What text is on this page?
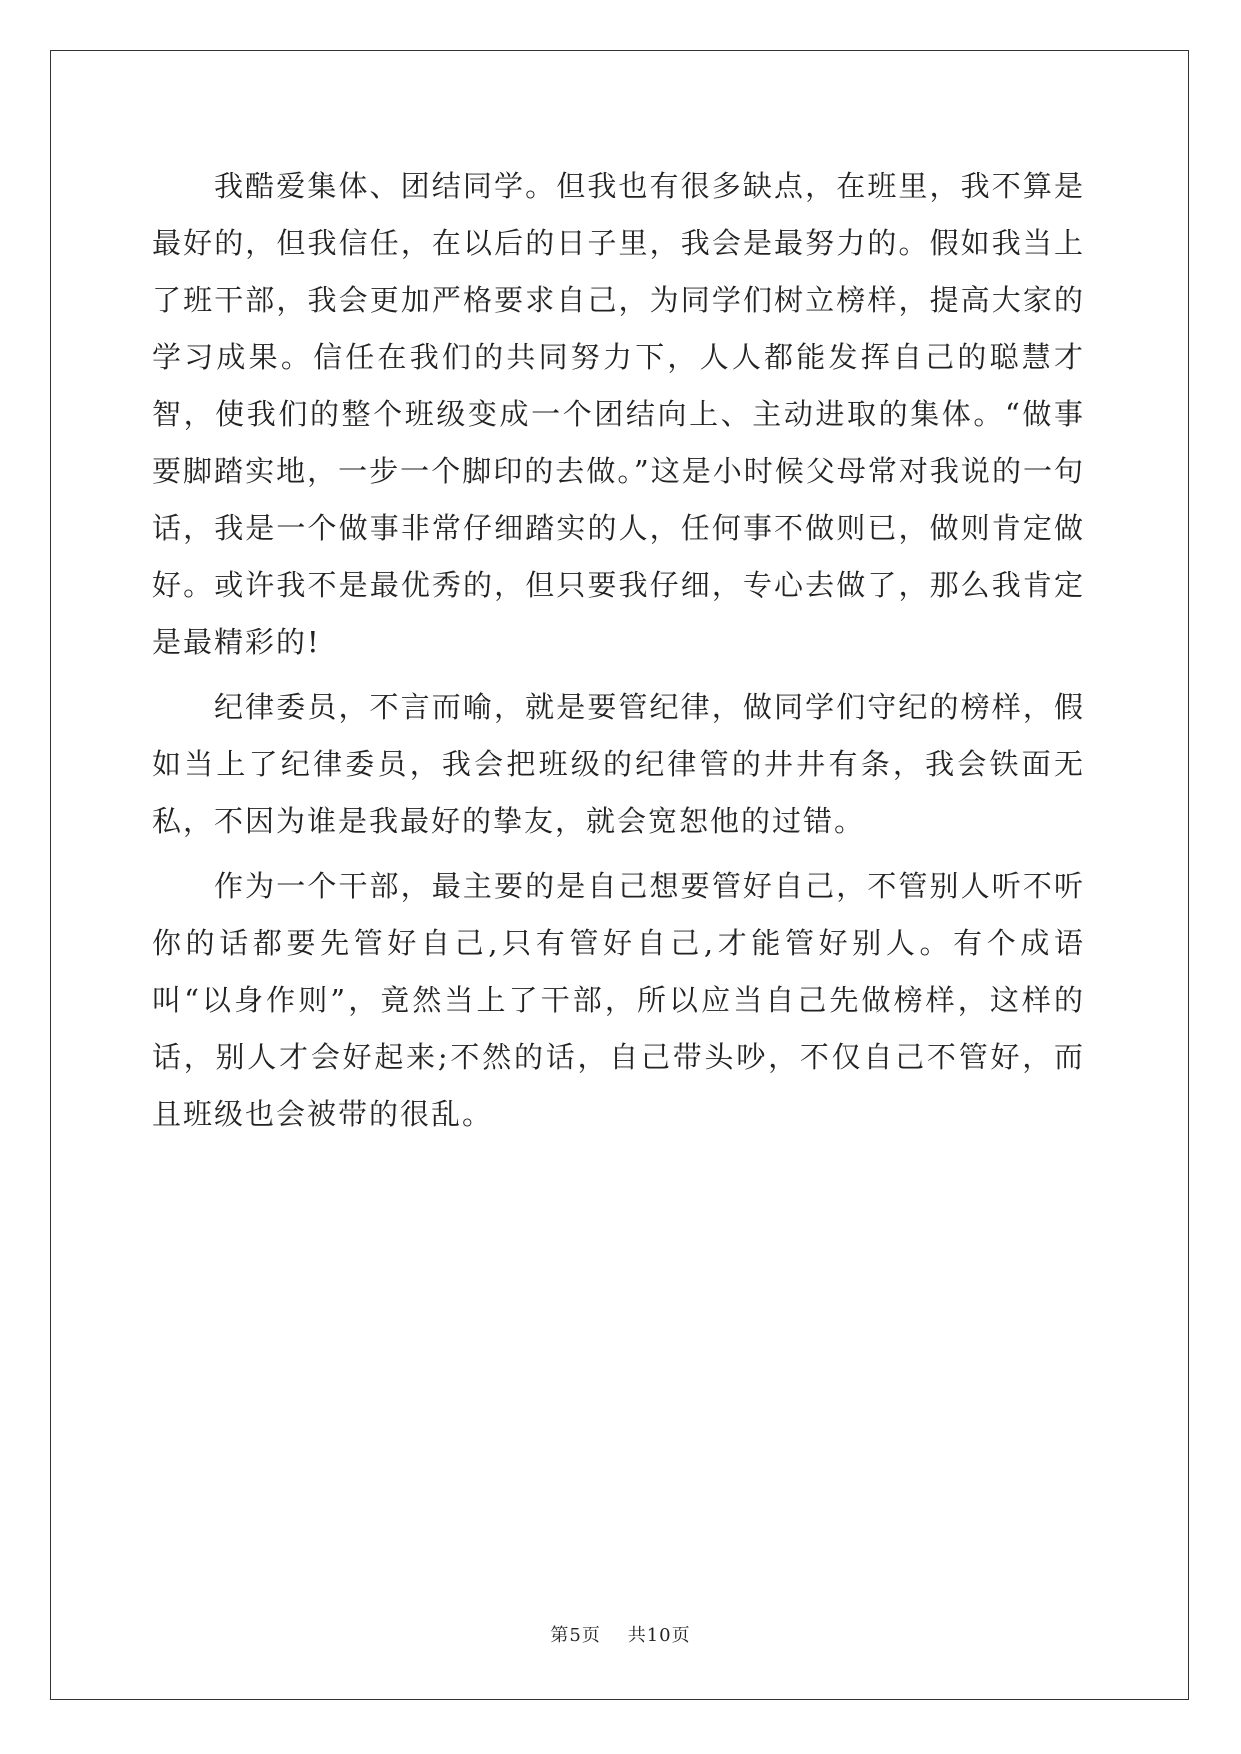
我酷爱集体、团结同学。但我也有很多缺点，在班里，我不算是最好的，但我信任，在以后的日子里，我会是最努力的。假如我当上了班干部，我会更加严格要求自己，为同学们树立榜样，提高大家的学习成果。信任在我们的共同努力下，人人都能发挥自己的聪慧才智，使我们的整个班级变成一个团结向上、主动进取的集体。“做事要脚踏实地，一步一个脚印的去做。”这是小时候父母常对我说的一句话，我是一个做事非常仔细踏实的人，任何事不做则已，做则肯定做好。或许我不是最优秀的，但只要我仔细，专心去做了，那么我肯定是最精彩的!

纪律委员，不言而喻，就是要管纪律，做同学们守纪的榜样，假如当上了纪律委员，我会把班级的纪律管的井井有条，我会铁面无私，不因为谁是我最好的挚友，就会宽恕他的过错。

作为一个干部，最主要的是自己想要管好自己，不管别人听不听你的话都要先管好自己,只有管好自己,才能管好别人。有个成语叫“以身作则”，竟然当上了干部，所以应当自己先做榜样，这样的话，别人才会好起来;不然的话，自己带头吵，不仅自己不管好，而且班级也会被带的很乱。

第5页 共10页
